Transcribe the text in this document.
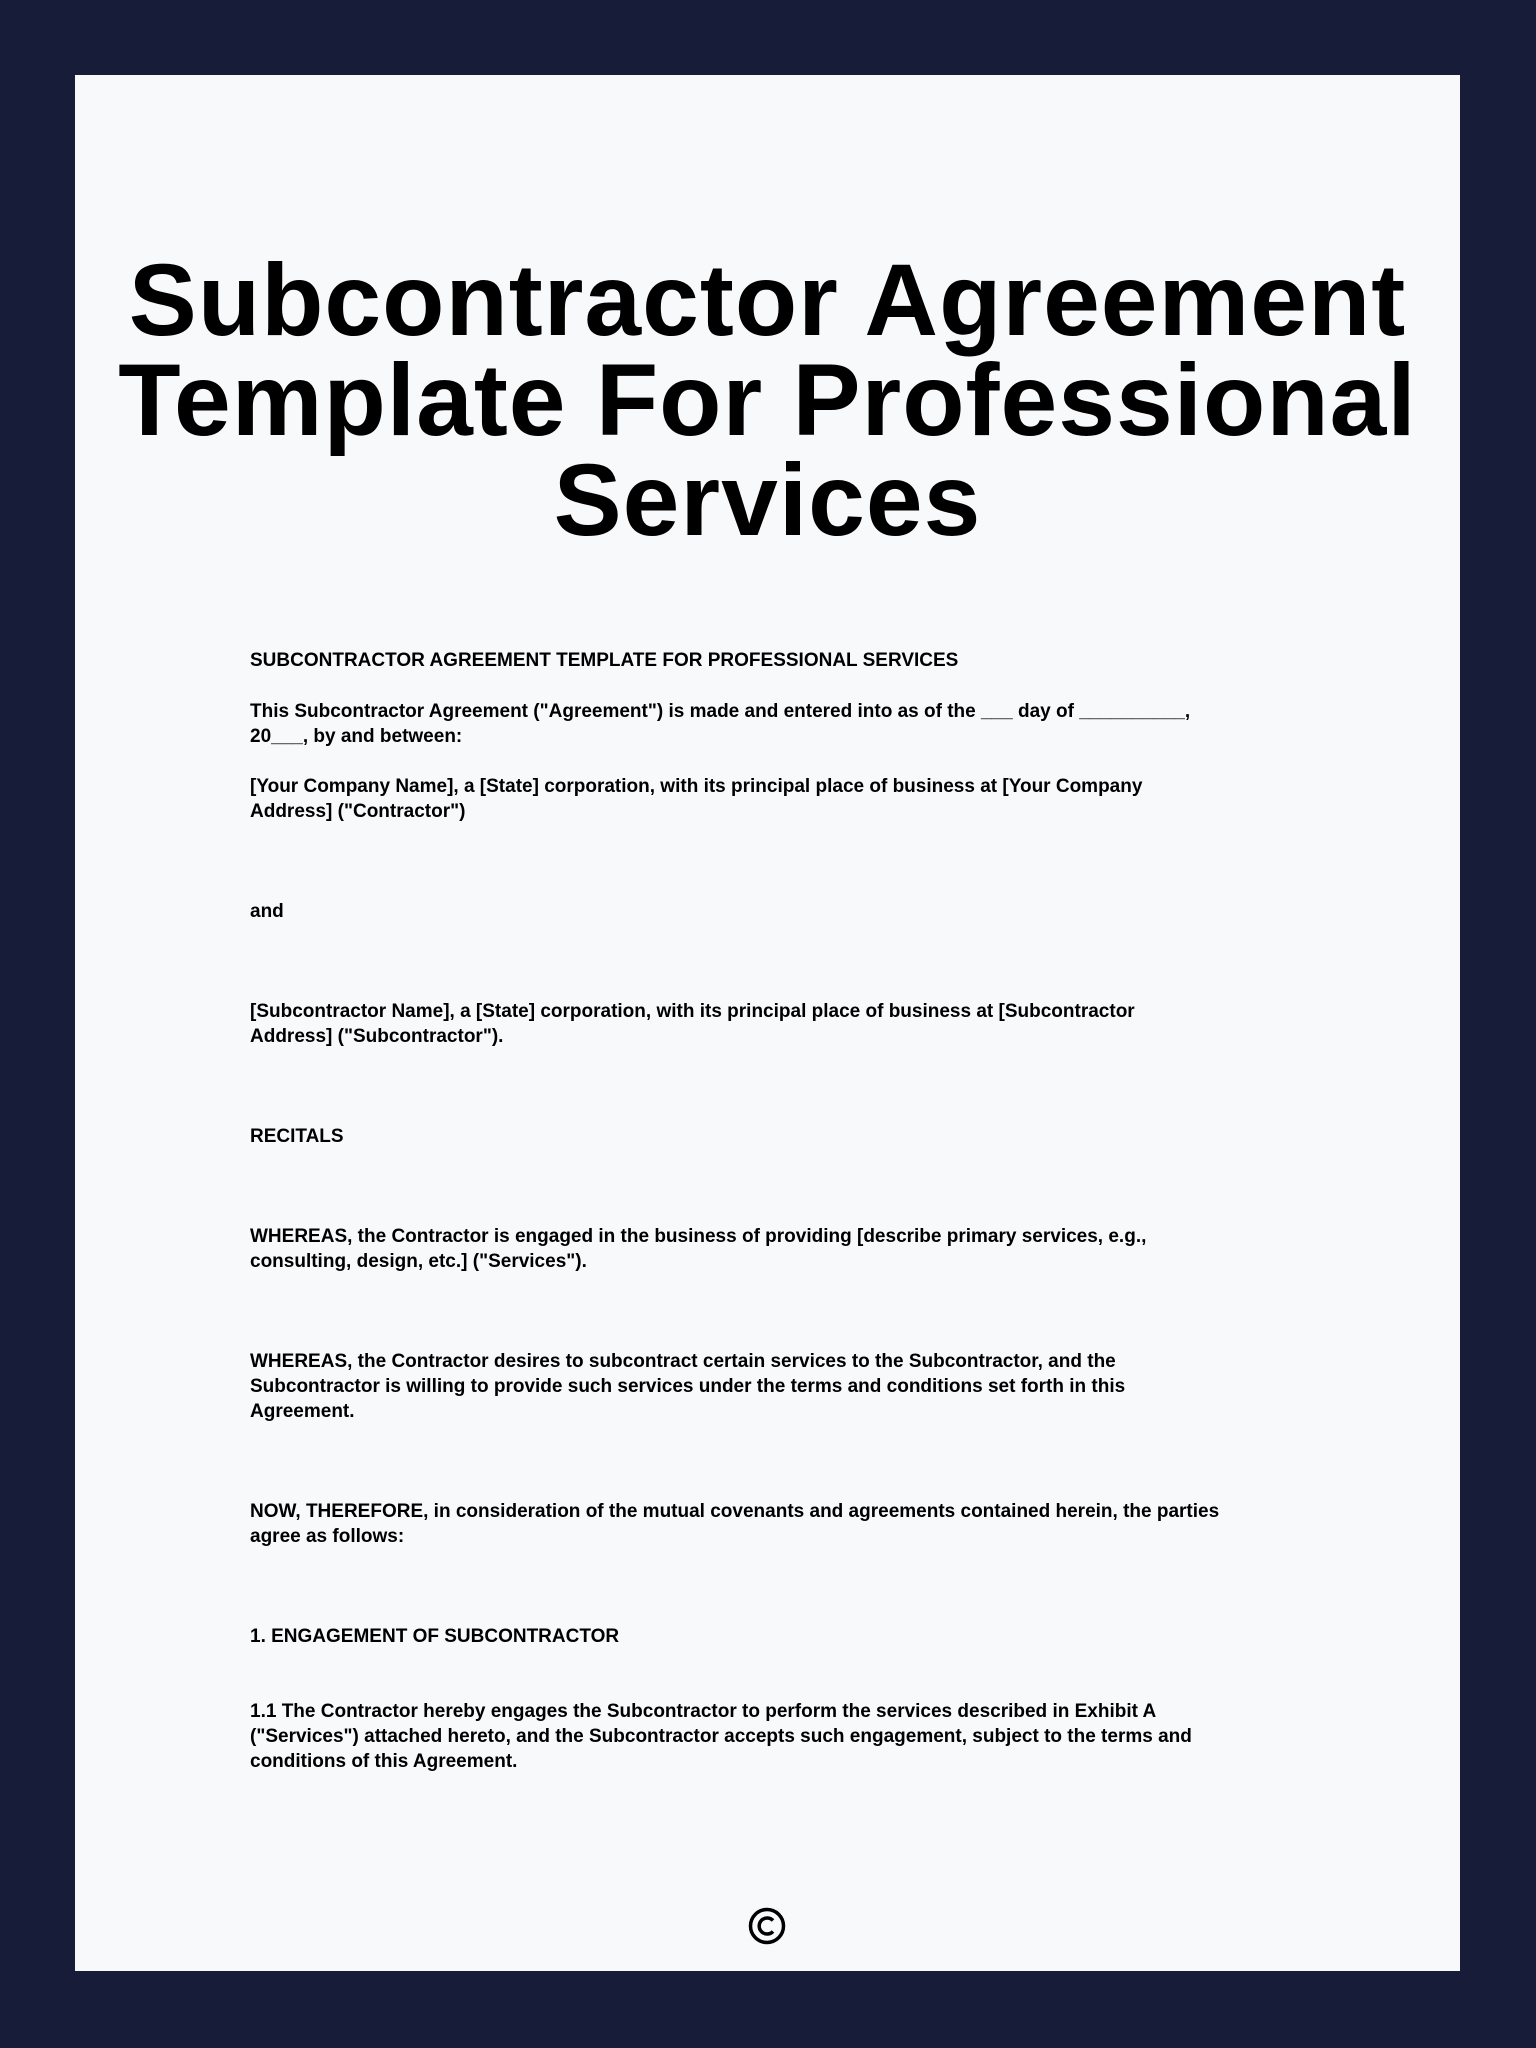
Subcontractor Agreement
Template For Professional
Services

SUBCONTRACTOR AGREEMENT TEMPLATE FOR PROFESSIONAL SERVICES

This Subcontractor Agreement ("Agreement") is made and entered into as of the ___ day of __________,
20___, by and between:

[Your Company Name], a [State] corporation, with its principal place of business at [Your Company
Address] ("Contractor")

and

[Subcontractor Name], a [State] corporation, with its principal place of business at [Subcontractor
Address] ("Subcontractor").

RECITALS

WHEREAS, the Contractor is engaged in the business of providing [describe primary services, e.g.,
consulting, design, etc.] ("Services").

WHEREAS, the Contractor desires to subcontract certain services to the Subcontractor, and the
Subcontractor is willing to provide such services under the terms and conditions set forth in this
Agreement.

NOW, THEREFORE, in consideration of the mutual covenants and agreements contained herein, the parties
agree as follows:

1. ENGAGEMENT OF SUBCONTRACTOR

1.1 The Contractor hereby engages the Subcontractor to perform the services described in Exhibit A
("Services") attached hereto, and the Subcontractor accepts such engagement, subject to the terms and
conditions of this Agreement.
